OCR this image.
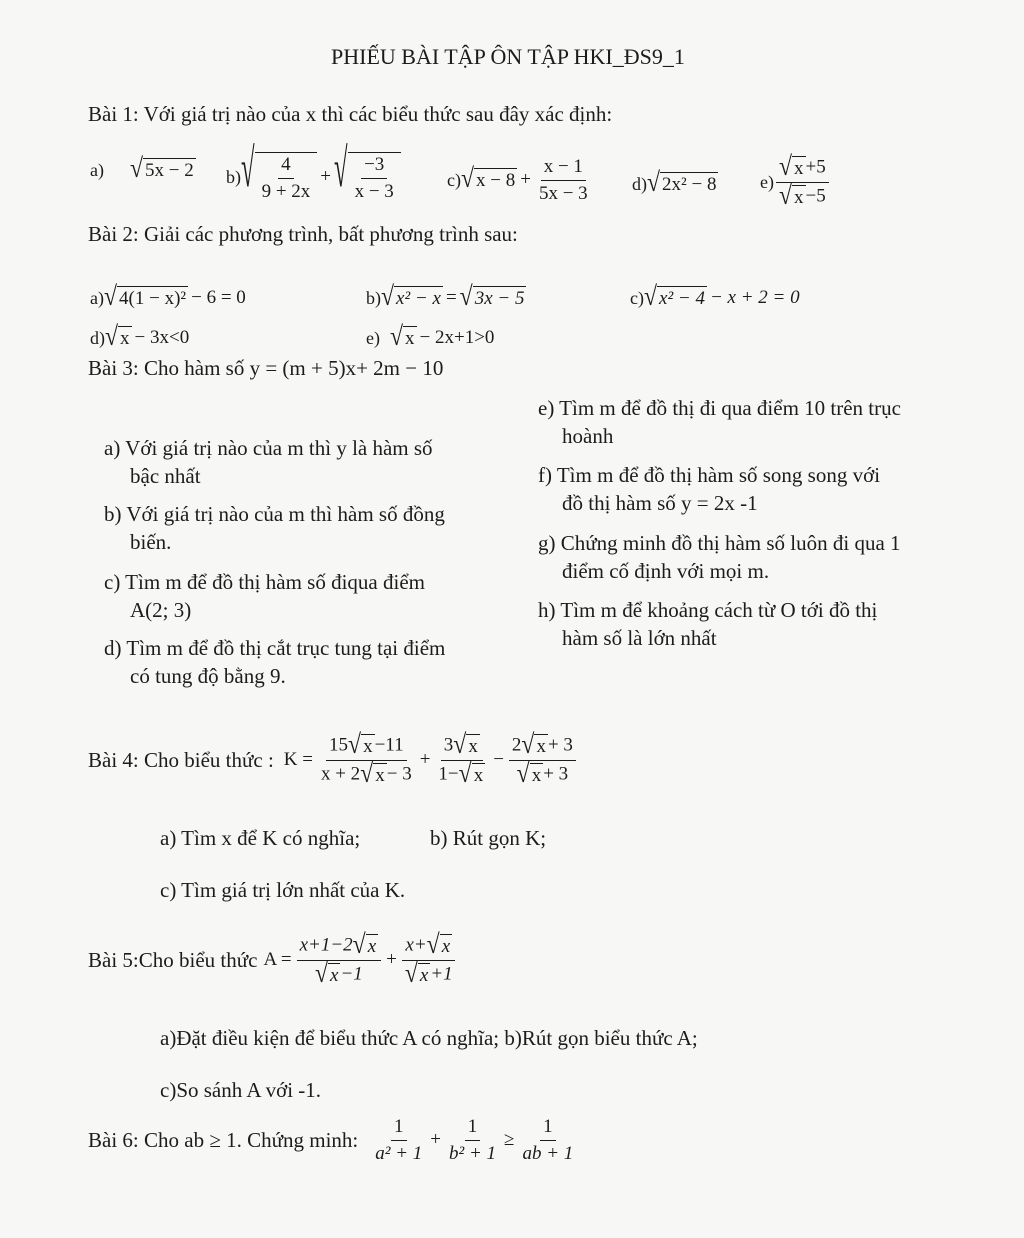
PHIẾU BÀI TẬP ÔN TẬP HKI_ĐS9_1
Bài 1: Với giá trị nào của x thì các biểu thức sau đây xác định:
a) √ 5x − 2 b) √ $\frac{4}{9 + 2x}$ + √ $\frac{-3}{x - 3}$	c) √ $x - 8 + \frac{x - 1}{5x - 3} d$) √ 2x² − 8 $e) \frac{√ x +5}{√ x -5}$
Bài 2: Giải các phương trình, bất phương trình sau:
a) √ 4(1 − x)² − 6 = 0	b) √ x² − x = √ 3x − 5	c) √ x² − 4 − x + 2 = 0
d) √ x − 3x<0	e) √ x − 2x+1>0
Bài 3: Cho hàm số y = (m + 5)x+ 2m − 10
a) Với giá trị nào của m thì y là hàm số
bậc nhất
b) Với giá trị nào của m thì hàm số đồng
biến.
c) Tìm m để đồ thị hàm số điqua điểm
A(2; 3)
d) Tìm m để đồ thị cắt trục tung tại điểm
có tung độ bằng 9.
e) Tìm m để đồ thị đi qua điểm 10 trên trục
hoành
f) Tìm m để đồ thị hàm số song song với
đồ thị hàm số y = 2x -1
g) Chứng minh đồ thị hàm số luôn đi qua 1
điểm cố định với mọi m.
h) Tìm m để khoảng cách từ O tới đồ thị
hàm số là lớn nhất
Bài 4: Cho biểu thức : $K = \frac{15 √ x -11}{x + 2 √ x - 3} + \frac{3 √ x}{1- √ x} - \frac{2 √ x + 3}{√ x + 3}$
a) Tìm x để K có nghĩa;	b) Rút gọn K;
c) Tìm giá trị lớn nhất của K.
Bài 5:Cho biểu thức $A = \frac{x+1-2 √ x}{√ x -1} + \frac{x+ √ x}{√ x +1}$
a)Đặt điều kiện để biểu thức A có nghĩa; b)Rút gọn biểu thức A;
c)So sánh A với -1.
Bài 6: Cho ab ≥ 1. Chứng minh: $\frac{1}{\text{a² + 1}} + \frac{1}{\text{b² + 1}} \ge \frac{1}{ab + 1}$
